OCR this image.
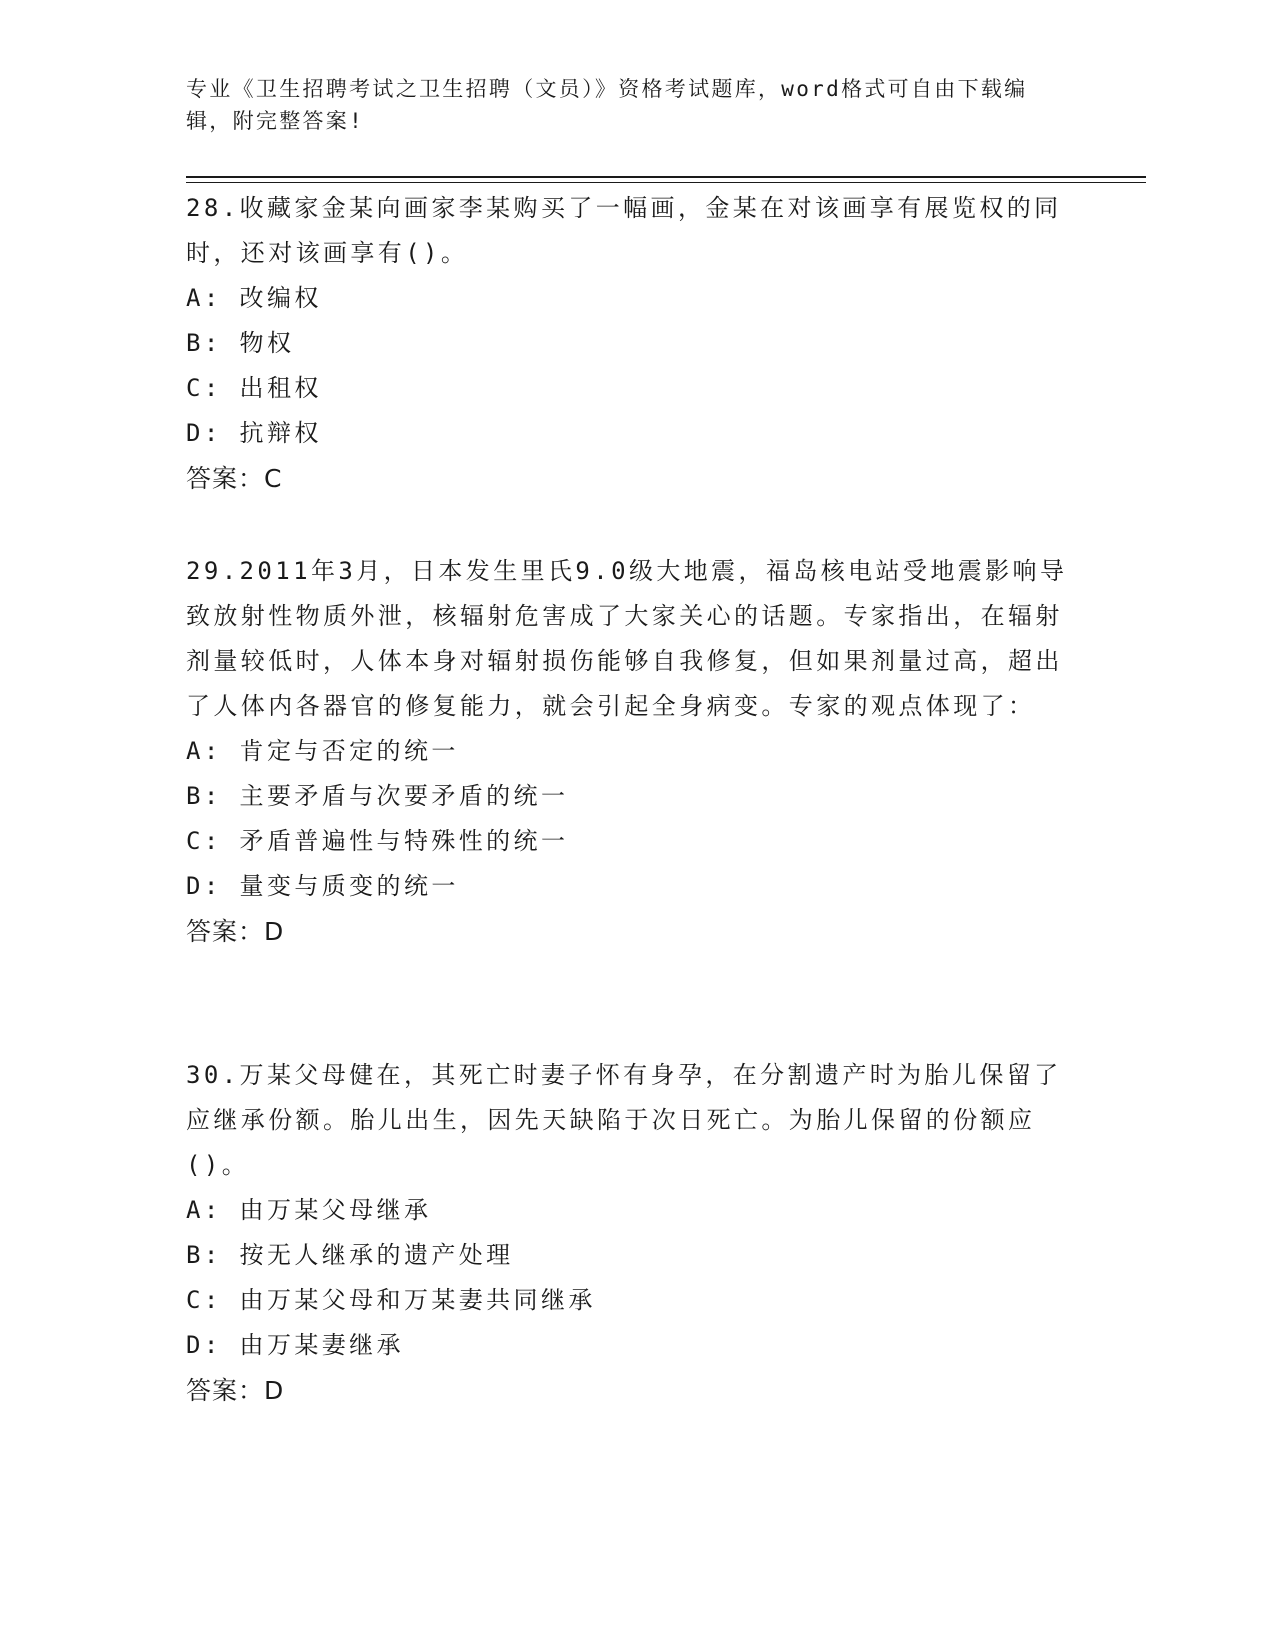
专业《卫生招聘考试之卫生招聘（文员）》资格考试题库，word格式可自由下载编辑，附完整答案!

28.收藏家金某向画家李某购买了一幅画，金某在对该画享有展览权的同时，还对该画享有()。

A: 改编权

B: 物权

C: 出租权

D: 抗辩权

答案：C

29.2011年3月，日本发生里氏9.0级大地震，福岛核电站受地震影响导致放射性物质外泄，核辐射危害成了大家关心的话题。专家指出，在辐射剂量较低时，人体本身对辐射损伤能够自我修复，但如果剂量过高，超出了人体内各器官的修复能力，就会引起全身病变。专家的观点体现了：

A: 肯定与否定的统一

B: 主要矛盾与次要矛盾的统一

C: 矛盾普遍性与特殊性的统一

D: 量变与质变的统一

答案：D

30.万某父母健在，其死亡时妻子怀有身孕，在分割遗产时为胎儿保留了应继承份额。胎儿出生，因先天缺陷于次日死亡。为胎儿保留的份额应()。

A: 由万某父母继承

B: 按无人继承的遗产处理

C: 由万某父母和万某妻共同继承

D: 由万某妻继承

答案：D
